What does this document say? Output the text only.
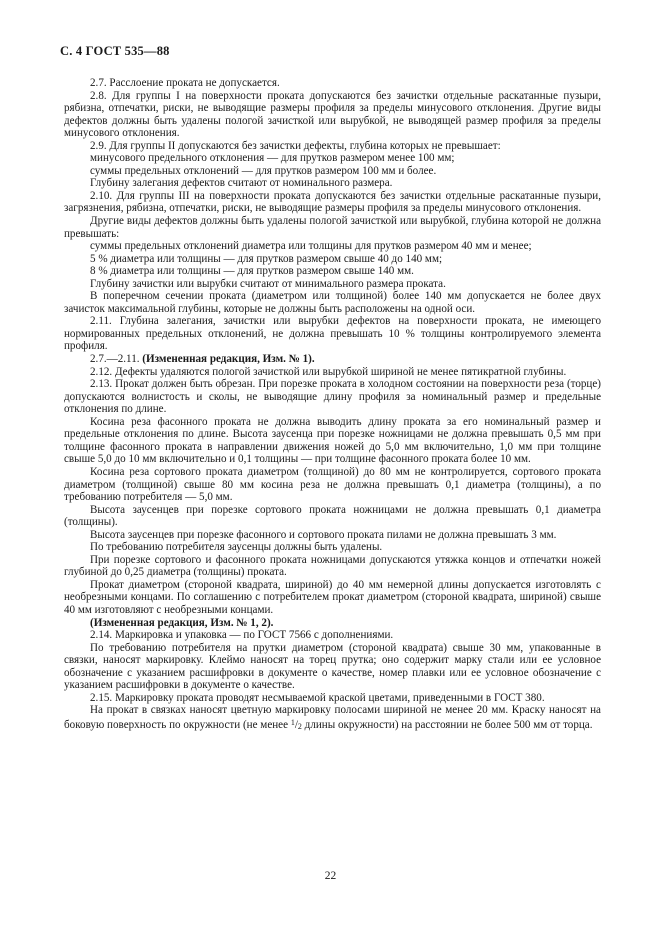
С. 4 ГОСТ 535—88

2.7. Расслоение проката не допускается.

2.8. Для группы I на поверхности проката допускаются без зачистки отдельные раскатанные пузыри, рябизна, отпечатки, риски, не выводящие размеры профиля за пределы минусового отклонения. Другие виды дефектов должны быть удалены пологой зачисткой или вырубкой, не выводящей размер профиля за пределы минусового отклонения.

2.9. Для группы II допускаются без зачистки дефекты, глубина которых не превышает:

минусового предельного отклонения — для прутков размером менее 100 мм;

суммы предельных отклонений — для прутков размером 100 мм и более.

Глубину залегания дефектов считают от номинального размера.

2.10. Для группы III на поверхности проката допускаются без зачистки отдельные раскатанные пузыри, загрязнения, рябизна, отпечатки, риски, не выводящие размеры профиля за пределы минусового отклонения.

Другие виды дефектов должны быть удалены пологой зачисткой или вырубкой, глубина которой не должна превышать:

суммы предельных отклонений диаметра или толщины для прутков размером 40 мм и менее;

5 % диаметра или толщины — для прутков размером свыше 40 до 140 мм;

8 % диаметра или толщины — для прутков размером свыше 140 мм.

Глубину зачистки или вырубки считают от минимального размера проката.

В поперечном сечении проката (диаметром или толщиной) более 140 мм допускается не более двух зачисток максимальной глубины, которые не должны быть расположены на одной оси.

2.11. Глубина залегания, зачистки или вырубки дефектов на поверхности проката, не имеющего нормированных предельных отклонений, не должна превышать 10 % толщины контролируемого элемента профиля.

2.7.—2.11. (Измененная редакция, Изм. № 1).

2.12. Дефекты удаляются пологой зачисткой или вырубкой шириной не менее пятикратной глубины.

2.13. Прокат должен быть обрезан. При порезке проката в холодном состоянии на поверхности реза (торце) допускаются волнистость и сколы, не выводящие длину профиля за номинальный размер и предельные отклонения по длине.

Косина реза фасонного проката не должна выводить длину проката за его номинальный размер и предельные отклонения по длине. Высота заусенца при порезке ножницами не должна превышать 0,5 мм при толщине фасонного проката в направлении движения ножей до 5,0 мм включительно, 1,0 мм при толщине свыше 5,0 до 10 мм включительно и 0,1 толщины — при толщине фасонного проката более 10 мм.

Косина реза сортового проката диаметром (толщиной) до 80 мм не контролируется, сортового проката диаметром (толщиной) свыше 80 мм косина реза не должна превышать 0,1 диаметра (толщины), а по требованию потребителя — 5,0 мм.

Высота заусенцев при порезке сортового проката ножницами не должна превышать 0,1 диаметра (толщины).

Высота заусенцев при порезке фасонного и сортового проката пилами не должна превышать 3 мм.

По требованию потребителя заусенцы должны быть удалены.

При порезке сортового и фасонного проката ножницами допускаются утяжка концов и отпечатки ножей глубиной до 0,25 диаметра (толщины) проката.

Прокат диаметром (стороной квадрата, шириной) до 40 мм немерной длины допускается изготовлять с необрезными концами. По соглашению с потребителем прокат диаметром (стороной квадрата, шириной) свыше 40 мм изготовляют с необрезными концами.

(Измененная редакция, Изм. № 1, 2).

2.14. Маркировка и упаковка — по ГОСТ 7566 с дополнениями.

По требованию потребителя на прутки диаметром (стороной квадрата) свыше 30 мм, упакованные в связки, наносят маркировку. Клеймо наносят на торец прутка; оно содержит марку стали или ее условное обозначение с указанием расшифровки в документе о качестве, номер плавки или ее условное обозначение с указанием расшифровки в документе о качестве.

2.15. Маркировку проката проводят несмываемой краской цветами, приведенными в ГОСТ 380.

На прокат в связках наносят цветную маркировку полосами шириной не менее 20 мм. Краску наносят на боковую поверхность по окружности (не менее $^1$/2 длины окружности) на расстоянии не более 500 мм от торца.

22
